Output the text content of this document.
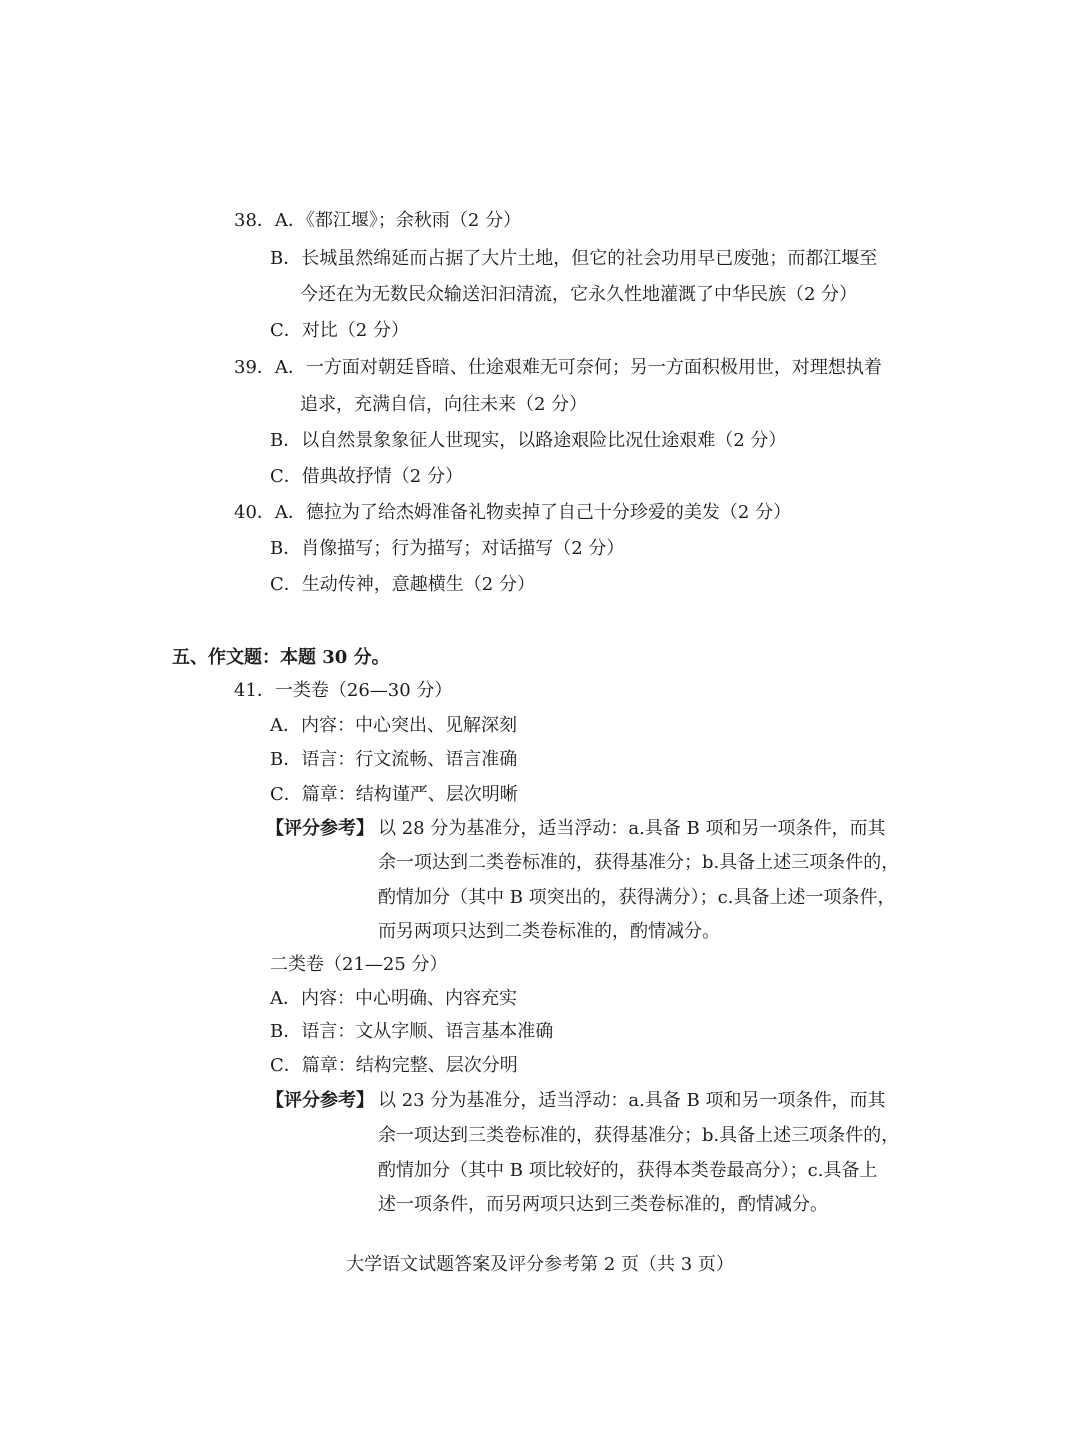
38．A．《都江堰》；余秋雨（2 分）
B．长城虽然绵延而占据了大片土地，但它的社会功用早已废弛；而都江堰至
今还在为无数民众输送汩汩清流，它永久性地灌溉了中华民族（2 分）
C．对比（2 分）
39．A．一方面对朝廷昏暗、仕途艰难无可奈何；另一方面积极用世，对理想执着
追求，充满自信，向往未来（2 分）
B．以自然景象象征人世现实，以路途艰险比况仕途艰难（2 分）
C．借典故抒情（2 分）
40．A．德拉为了给杰姆准备礼物卖掉了自己十分珍爱的美发（2 分）
B．肖像描写；行为描写；对话描写（2 分）
C．生动传神，意趣横生（2 分）
五、作文题：本题 30 分。
41．一类卷（26—30 分）
A．内容：中心突出、见解深刻
B．语言：行文流畅、语言准确
C．篇章：结构谨严、层次明晰
【评分参考】 以 28 分为基准分，适当浮动：a.具备 B 项和另一项条件，而其
余一项达到二类卷标准的，获得基准分；b.具备上述三项条件的，
酌情加分（其中 B 项突出的，获得满分）；c.具备上述一项条件，
而另两项只达到二类卷标准的，酌情减分。
二类卷（21—25 分）
A．内容：中心明确、内容充实
B．语言：文从字顺、语言基本准确
C．篇章：结构完整、层次分明
【评分参考】 以 23 分为基准分，适当浮动：a.具备 B 项和另一项条件，而其
余一项达到三类卷标准的，获得基准分；b.具备上述三项条件的，
酌情加分（其中 B 项比较好的，获得本类卷最高分）；c.具备上
述一项条件，而另两项只达到三类卷标准的，酌情减分。
大学语文试题答案及评分参考第 2 页（共 3 页）
